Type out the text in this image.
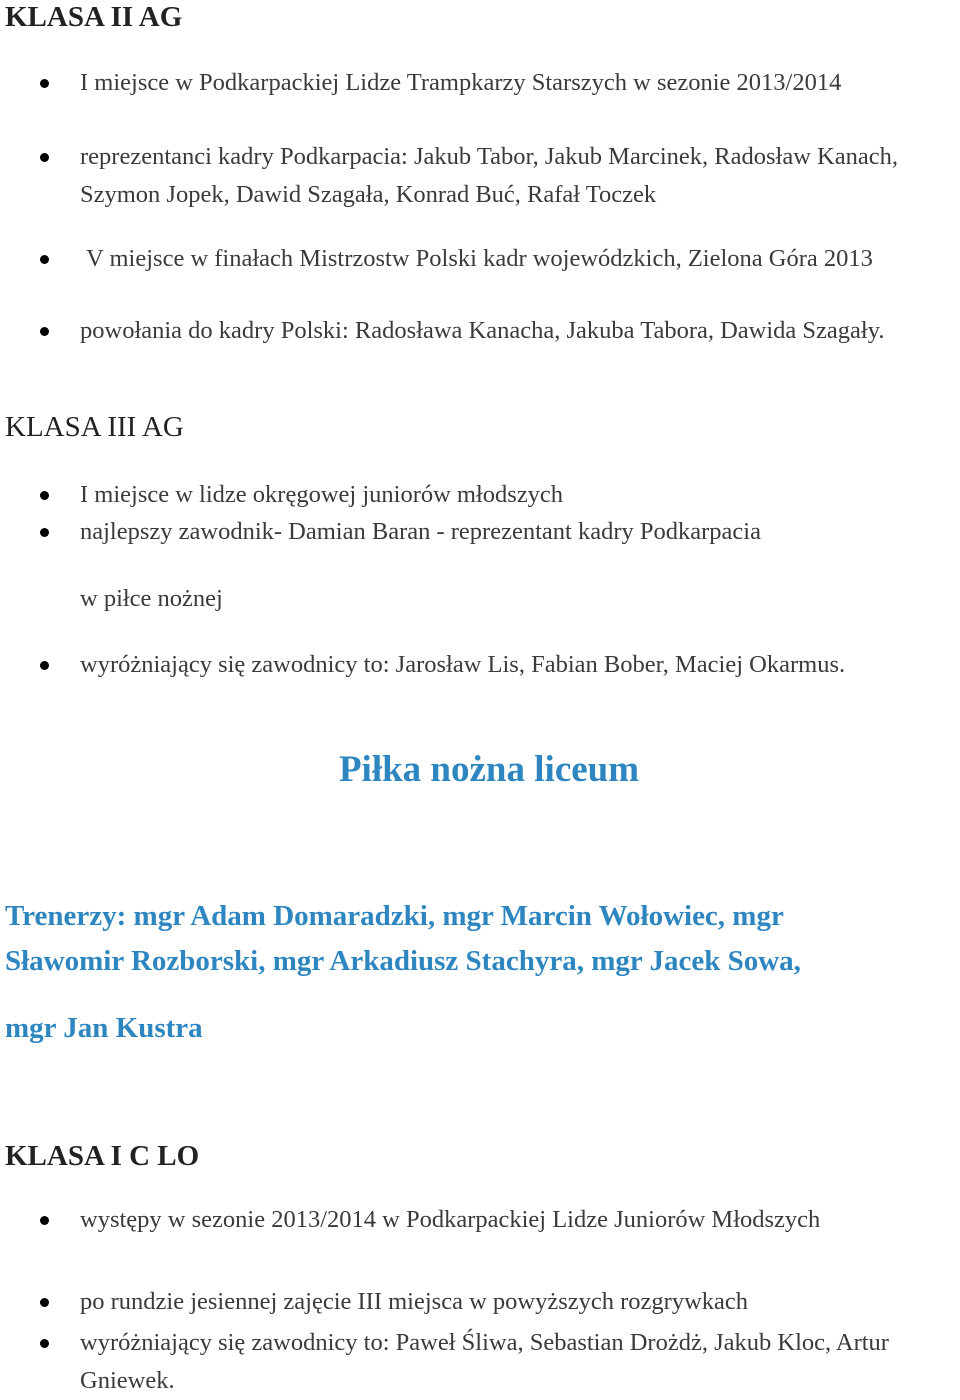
KLASA II AG
I miejsce w Podkarpackiej Lidze Trampkarzy Starszych w sezonie 2013/2014
reprezentanci kadry Podkarpacia: Jakub Tabor, Jakub Marcinek, Radosław Kanach, Szymon Jopek, Dawid Szagała, Konrad Buć, Rafał Toczek
V miejsce w finałach Mistrzostw Polski kadr wojewódzkich, Zielona Góra 2013
powołania do kadry Polski: Radosława Kanacha, Jakuba Tabora, Dawida Szagały.
KLASA III AG
I miejsce w lidze okręgowej juniorów młodszych
najlepszy zawodnik- Damian Baran - reprezentant kadry Podkarpacia
w piłce nożnej
wyróżniający się zawodnicy to: Jarosław Lis, Fabian Bober, Maciej Okarmus.
Piłka nożna liceum
Trenerzy: mgr Adam Domaradzki, mgr Marcin Wołowiec, mgr
Sławomir Rozborski, mgr Arkadiusz Stachyra, mgr Jacek Sowa,
mgr Jan Kustra
KLASA I C LO
występy w sezonie 2013/2014 w Podkarpackiej Lidze Juniorów Młodszych
po rundzie jesiennej zajęcie III miejsca w powyższych rozgrywkach
wyróżniający się zawodnicy to: Paweł Śliwa, Sebastian Drożdż, Jakub Kloc, Artur Gniewek.
